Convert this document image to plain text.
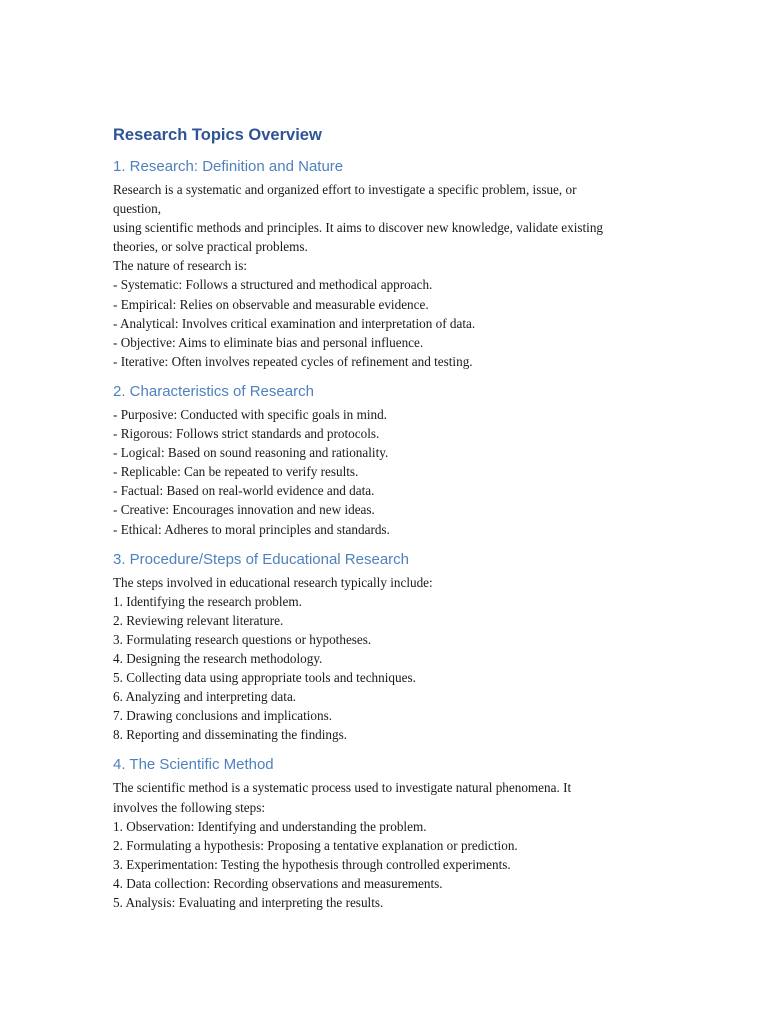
Research Topics Overview
1. Research: Definition and Nature

Research is a systematic and organized effort to investigate a specific problem, issue, or

question,

using scientific methods and principles. It aims to discover new knowledge, validate existing

theories, or solve practical problems.

The nature of research is:

- Systematic: Follows a structured and methodical approach.

- Empirical: Relies on observable and measurable evidence.

- Analytical: Involves critical examination and interpretation of data.

- Objective: Aims to eliminate bias and personal influence.

- Iterative: Often involves repeated cycles of refinement and testing.

2. Characteristics of Research

- Purposive: Conducted with specific goals in mind.

- Rigorous: Follows strict standards and protocols.

- Logical: Based on sound reasoning and rationality.

- Replicable: Can be repeated to verify results.

- Factual: Based on real-world evidence and data.

- Creative: Encourages innovation and new ideas.

- Ethical: Adheres to moral principles and standards.

3. Procedure/Steps of Educational Research

The steps involved in educational research typically include:

1. Identifying the research problem.

2. Reviewing relevant literature.

3. Formulating research questions or hypotheses.

4. Designing the research methodology.

5. Collecting data using appropriate tools and techniques.

6. Analyzing and interpreting data.

7. Drawing conclusions and implications.

8. Reporting and disseminating the findings.

4. The Scientific Method

The scientific method is a systematic process used to investigate natural phenomena. It

involves the following steps:

1. Observation: Identifying and understanding the problem.

2. Formulating a hypothesis: Proposing a tentative explanation or prediction.

3. Experimentation: Testing the hypothesis through controlled experiments.

4. Data collection: Recording observations and measurements.

5. Analysis: Evaluating and interpreting the results.
